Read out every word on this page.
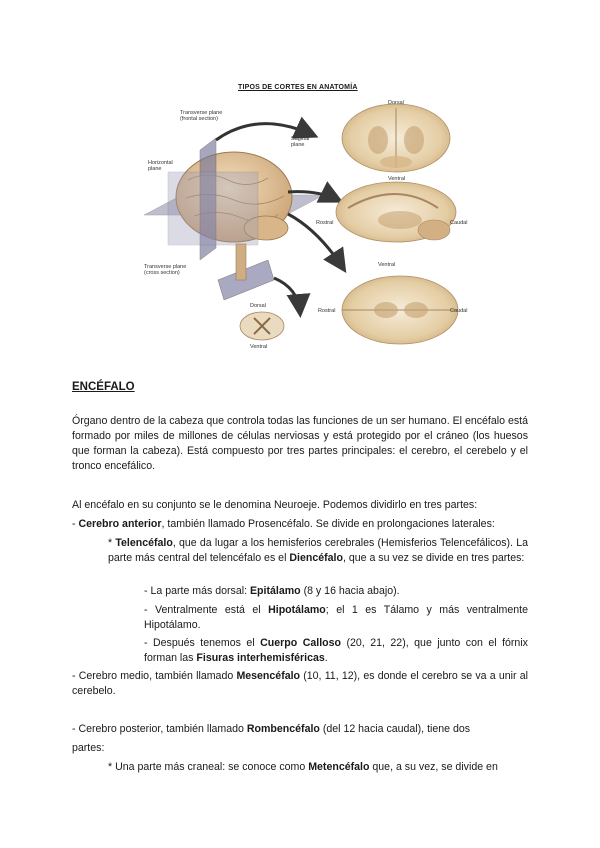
TIPOS DE CORTES EN ANATOMÍA
Transverse plane
(frontal section)
Horizontal
plane
Sagittal
plane
Transverse plane
(cross section)
Dorsal
Ventral
Rostral	Caudal
Ventral
Rostral	Caudal
Dorsal
Ventral
ENCÉFALO
Órgano dentro de la cabeza que controla todas las funciones de un ser humano. El encéfalo está formado por miles de millones de células nerviosas y está protegido por el cráneo (los huesos que forman la cabeza). Está compuesto por tres partes principales: el cerebro, el cerebelo y el tronco encefálico.
Al encéfalo en su conjunto se le denomina Neuroeje. Podemos dividirlo en tres partes:
- Cerebro anterior, también llamado Prosencéfalo. Se divide en prolongaciones laterales:
* Telencéfalo, que da lugar a los hemisferios cerebrales (Hemisferios Telencefálicos). La parte más central del telencéfalo es el Diencéfalo, que a su vez se divide en tres partes:
- La parte más dorsal: Epitálamo (8 y 16 hacia abajo).
- Ventralmente está el Hipotálamo; el 1 es Tálamo y más ventralmente Hipotálamo.
- Después tenemos el Cuerpo Calloso (20, 21, 22), que junto con el fórnix forman las Fisuras interhemisféricas.
- Cerebro medio, también llamado Mesencéfalo (10, 11, 12), es donde el cerebro se va a unir al cerebelo.
- Cerebro posterior, también llamado Rombencéfalo (del 12 hacia caudal), tiene dos
partes:
* Una parte más craneal: se conoce como Metencéfalo que, a su vez, se divide en
